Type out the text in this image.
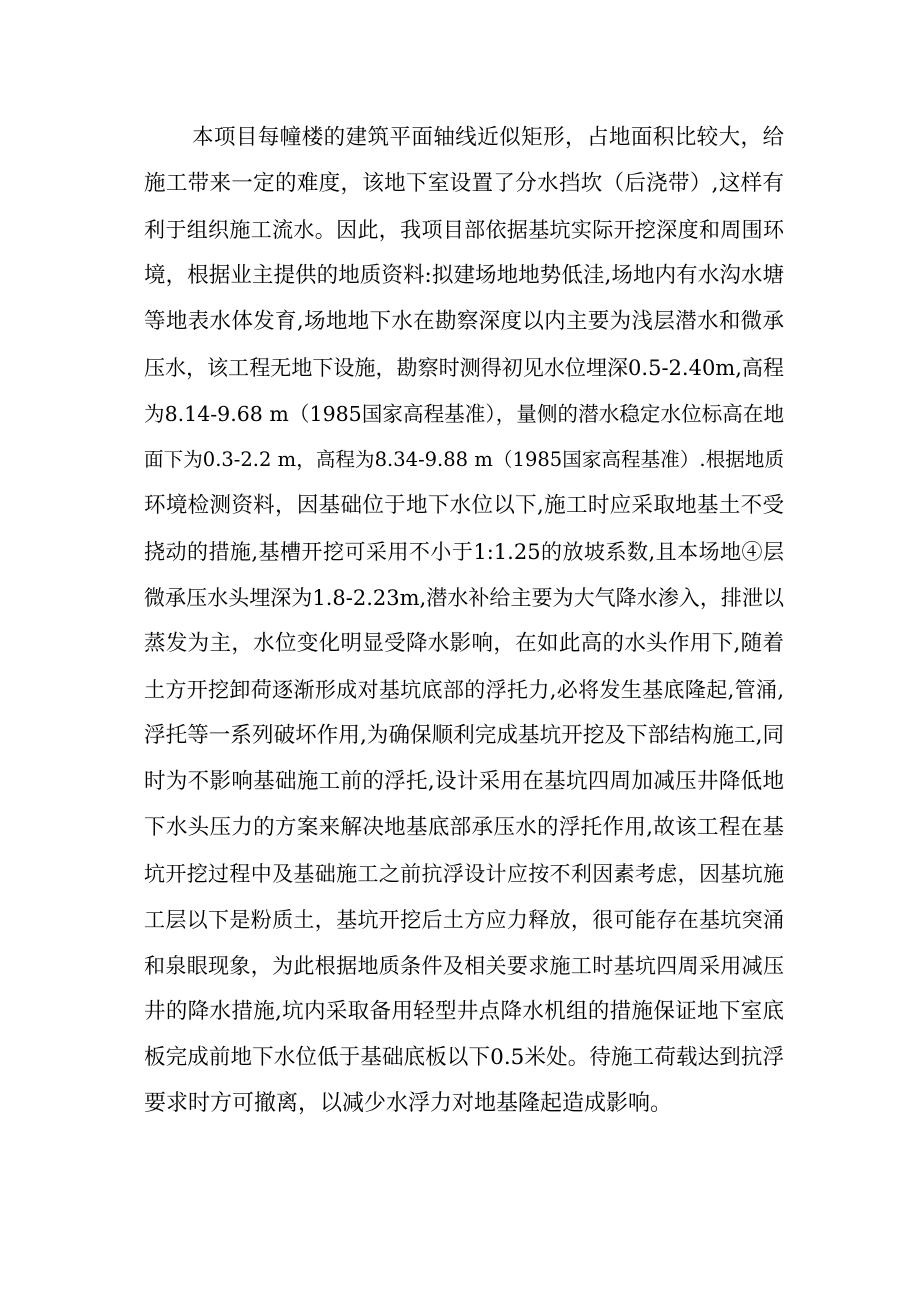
本项目每幢楼的建筑平面轴线近似矩形，占地面积比较大，给
施工带来一定的难度，该地下室设置了分水挡坎（后浇带）,这样有
利于组织施工流水。因此，我项目部依据基坑实际开挖深度和周围环
境，根据业主提供的地质资料:拟建场地地势低洼,场地内有水沟水塘
等地表水体发育,场地地下水在勘察深度以内主要为浅层潜水和微承
压水，该工程无地下设施，勘察时测得初见水位埋深0.5-2.40m,高程
为8.14-9.68 m（1985国家高程基准），量侧的潜水稳定水位标高在地
面下为0.3-2.2 m，高程为8.34-9.88 m（1985国家高程基准）.根据地质
环境检测资料，因基础位于地下水位以下,施工时应采取地基土不受
挠动的措施,基槽开挖可采用不小于1:1.25的放坡系数,且本场地④层
微承压水头埋深为1.8-2.23m,潜水补给主要为大气降水渗入，排泄以
蒸发为主，水位变化明显受降水影响，在如此高的水头作用下,随着
土方开挖卸荷逐渐形成对基坑底部的浮托力,必将发生基底隆起,管涌,
浮托等一系列破坏作用,为确保顺利完成基坑开挖及下部结构施工,同
时为不影响基础施工前的浮托,设计采用在基坑四周加减压井降低地
下水头压力的方案来解决地基底部承压水的浮托作用,故该工程在基
坑开挖过程中及基础施工之前抗浮设计应按不利因素考虑，因基坑施
工层以下是粉质土，基坑开挖后土方应力释放，很可能存在基坑突涌
和泉眼现象，为此根据地质条件及相关要求施工时基坑四周采用减压
井的降水措施,坑内采取备用轻型井点降水机组的措施保证地下室底
板完成前地下水位低于基础底板以下0.5米处。待施工荷载达到抗浮
要求时方可撤离，以减少水浮力对地基隆起造成影响。
